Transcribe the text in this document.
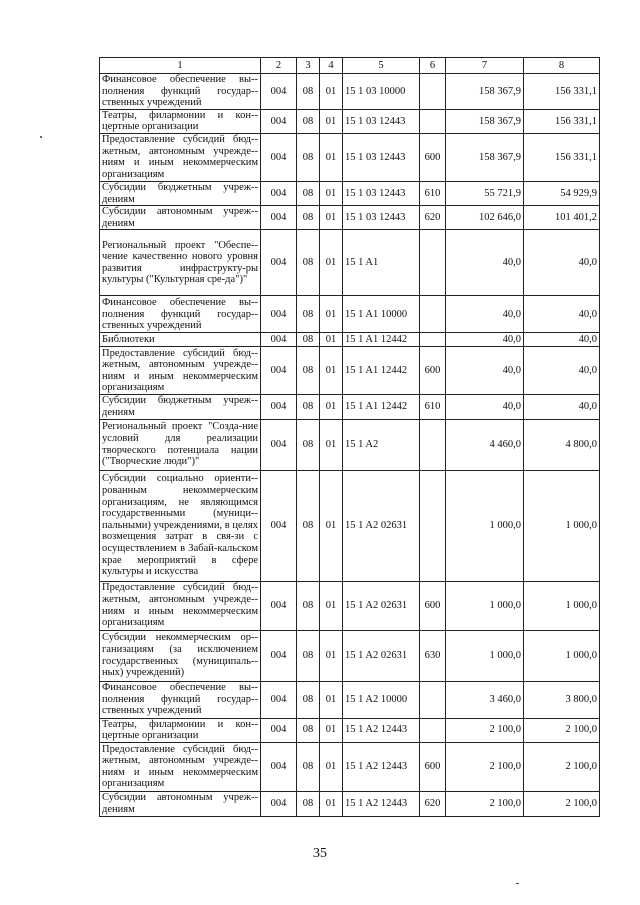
1	2	3	4	5	6	7	8
Финансовое обеспечение вы-полнения функций государ-ственных учреждений	004	08	01	15 1 03 10000		158 367,9	156 331,1
Театры, филармонии и кон-цертные организации	004	08	01	15 1 03 12443		158 367,9	156 331,1
Предоставление субсидий бюд-жетным, автономным учрежде-ниям и иным некоммерческим организациям	004	08	01	15 1 03 12443	600	158 367,9	156 331,1
Субсидии бюджетным учреж-дениям	004	08	01	15 1 03 12443	610	55 721,9	54 929,9
Субсидии автономным учреж-дениям	004	08	01	15 1 03 12443	620	102 646,0	101 401,2
Региональный проект "Обеспе-чение качественно нового уровня развития инфраструкту-ры культуры ("Культурная сре-да")"	004	08	01	15 1 A1		40,0	40,0
Финансовое обеспечение вы-полнения функций государ-ственных учреждений	004	08	01	15 1 A1 10000		40,0	40,0
Библиотеки	004	08	01	15 1 A1 12442		40,0	40,0
Предоставление субсидий бюд-жетным, автономным учрежде-ниям и иным некоммерческим организациям	004	08	01	15 1 A1 12442	600	40,0	40,0
Субсидии бюджетным учреж-дениям	004	08	01	15 1 A1 12442	610	40,0	40,0
Региональный проект "Созда-ние условий для реализации творческого потенциала нации ("Творческие люди")"	004	08	01	15 1 A2		4 460,0	4 800,0
Субсидии социально ориенти-рованным некоммерческим организациям, не являющимся государственными (муници-пальными) учреждениями, в целях возмещения затрат в свя-зи с осуществлением в Забай-кальском крае мероприятий в сфере культуры и искусства	004	08	01	15 1 A2 02631		1 000,0	1 000,0
Предоставление субсидий бюд-жетным, автономным учрежде-ниям и иным некоммерческим организациям	004	08	01	15 1 A2 02631	600	1 000,0	1 000,0
Субсидии некоммерческим ор-ганизациям (за исключением государственных (муниципаль-ных) учреждений)	004	08	01	15 1 A2 02631	630	1 000,0	1 000,0
Финансовое обеспечение вы-полнения функций государ-ственных учреждений	004	08	01	15 1 A2 10000		3 460,0	3 800,0
Театры, филармонии и кон-цертные организации	004	08	01	15 1 A2 12443		2 100,0	2 100,0
Предоставление субсидий бюд-жетным, автономным учрежде-ниям и иным некоммерческим организациям	004	08	01	15 1 A2 12443	600	2 100,0	2 100,0
Субсидии автономным учреж-дениям	004	08	01	15 1 A2 12443	620	2 100,0	2 100,0
35
